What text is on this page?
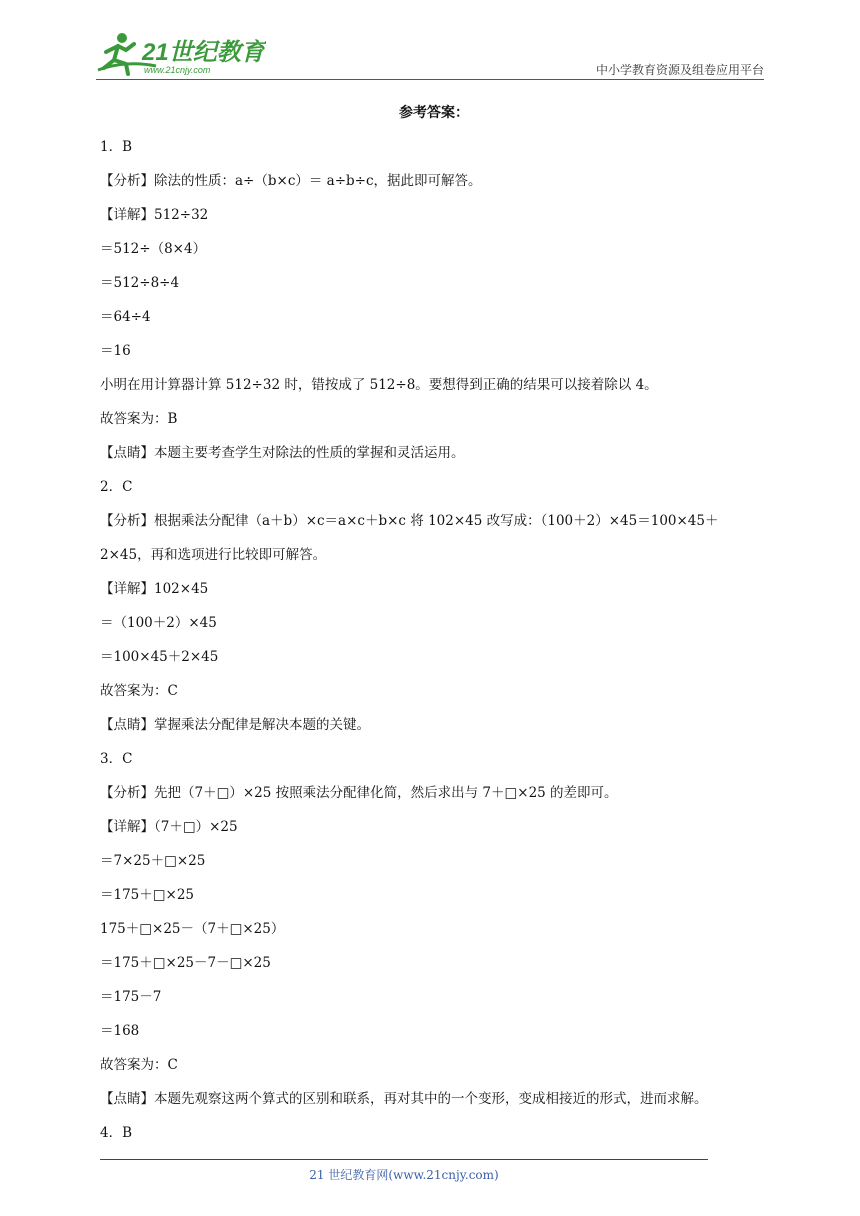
21世纪教育
www.21cnjy.com	中小学教育资源及组卷应用平台
参考答案：
1．B
【分析】除法的性质：a÷（b×c）＝ a÷b÷c，据此即可解答。
【详解】512÷32
＝512÷（8×4）
＝512÷8÷4
＝64÷4
＝16
小明在用计算器计算 512÷32 时，错按成了 512÷8。要想得到正确的结果可以接着除以 4。
故答案为：B
【点睛】本题主要考查学生对除法的性质的掌握和灵活运用。
2．C
【分析】根据乘法分配律（a＋b）×c＝a×c＋b×c 将 102×45 改写成：（100＋2）×45＝100×45＋2×45，再和选项进行比较即可解答。
【详解】102×45
＝（100＋2）×45
＝100×45＋2×45
故答案为：C
【点睛】掌握乘法分配律是解决本题的关键。
3．C
【分析】先把（7＋□）×25 按照乘法分配律化简，然后求出与 7＋□×25 的差即可。
【详解】（7＋□）×25
＝7×25＋□×25
＝175＋□×25
175＋□×25－（7＋□×25）
＝175＋□×25－7－□×25
＝175－7
＝168
故答案为：C
【点睛】本题先观察这两个算式的区别和联系，再对其中的一个变形，变成相接近的形式，进而求解。
4．B
21 世纪教育网(www.21cnjy.com)
